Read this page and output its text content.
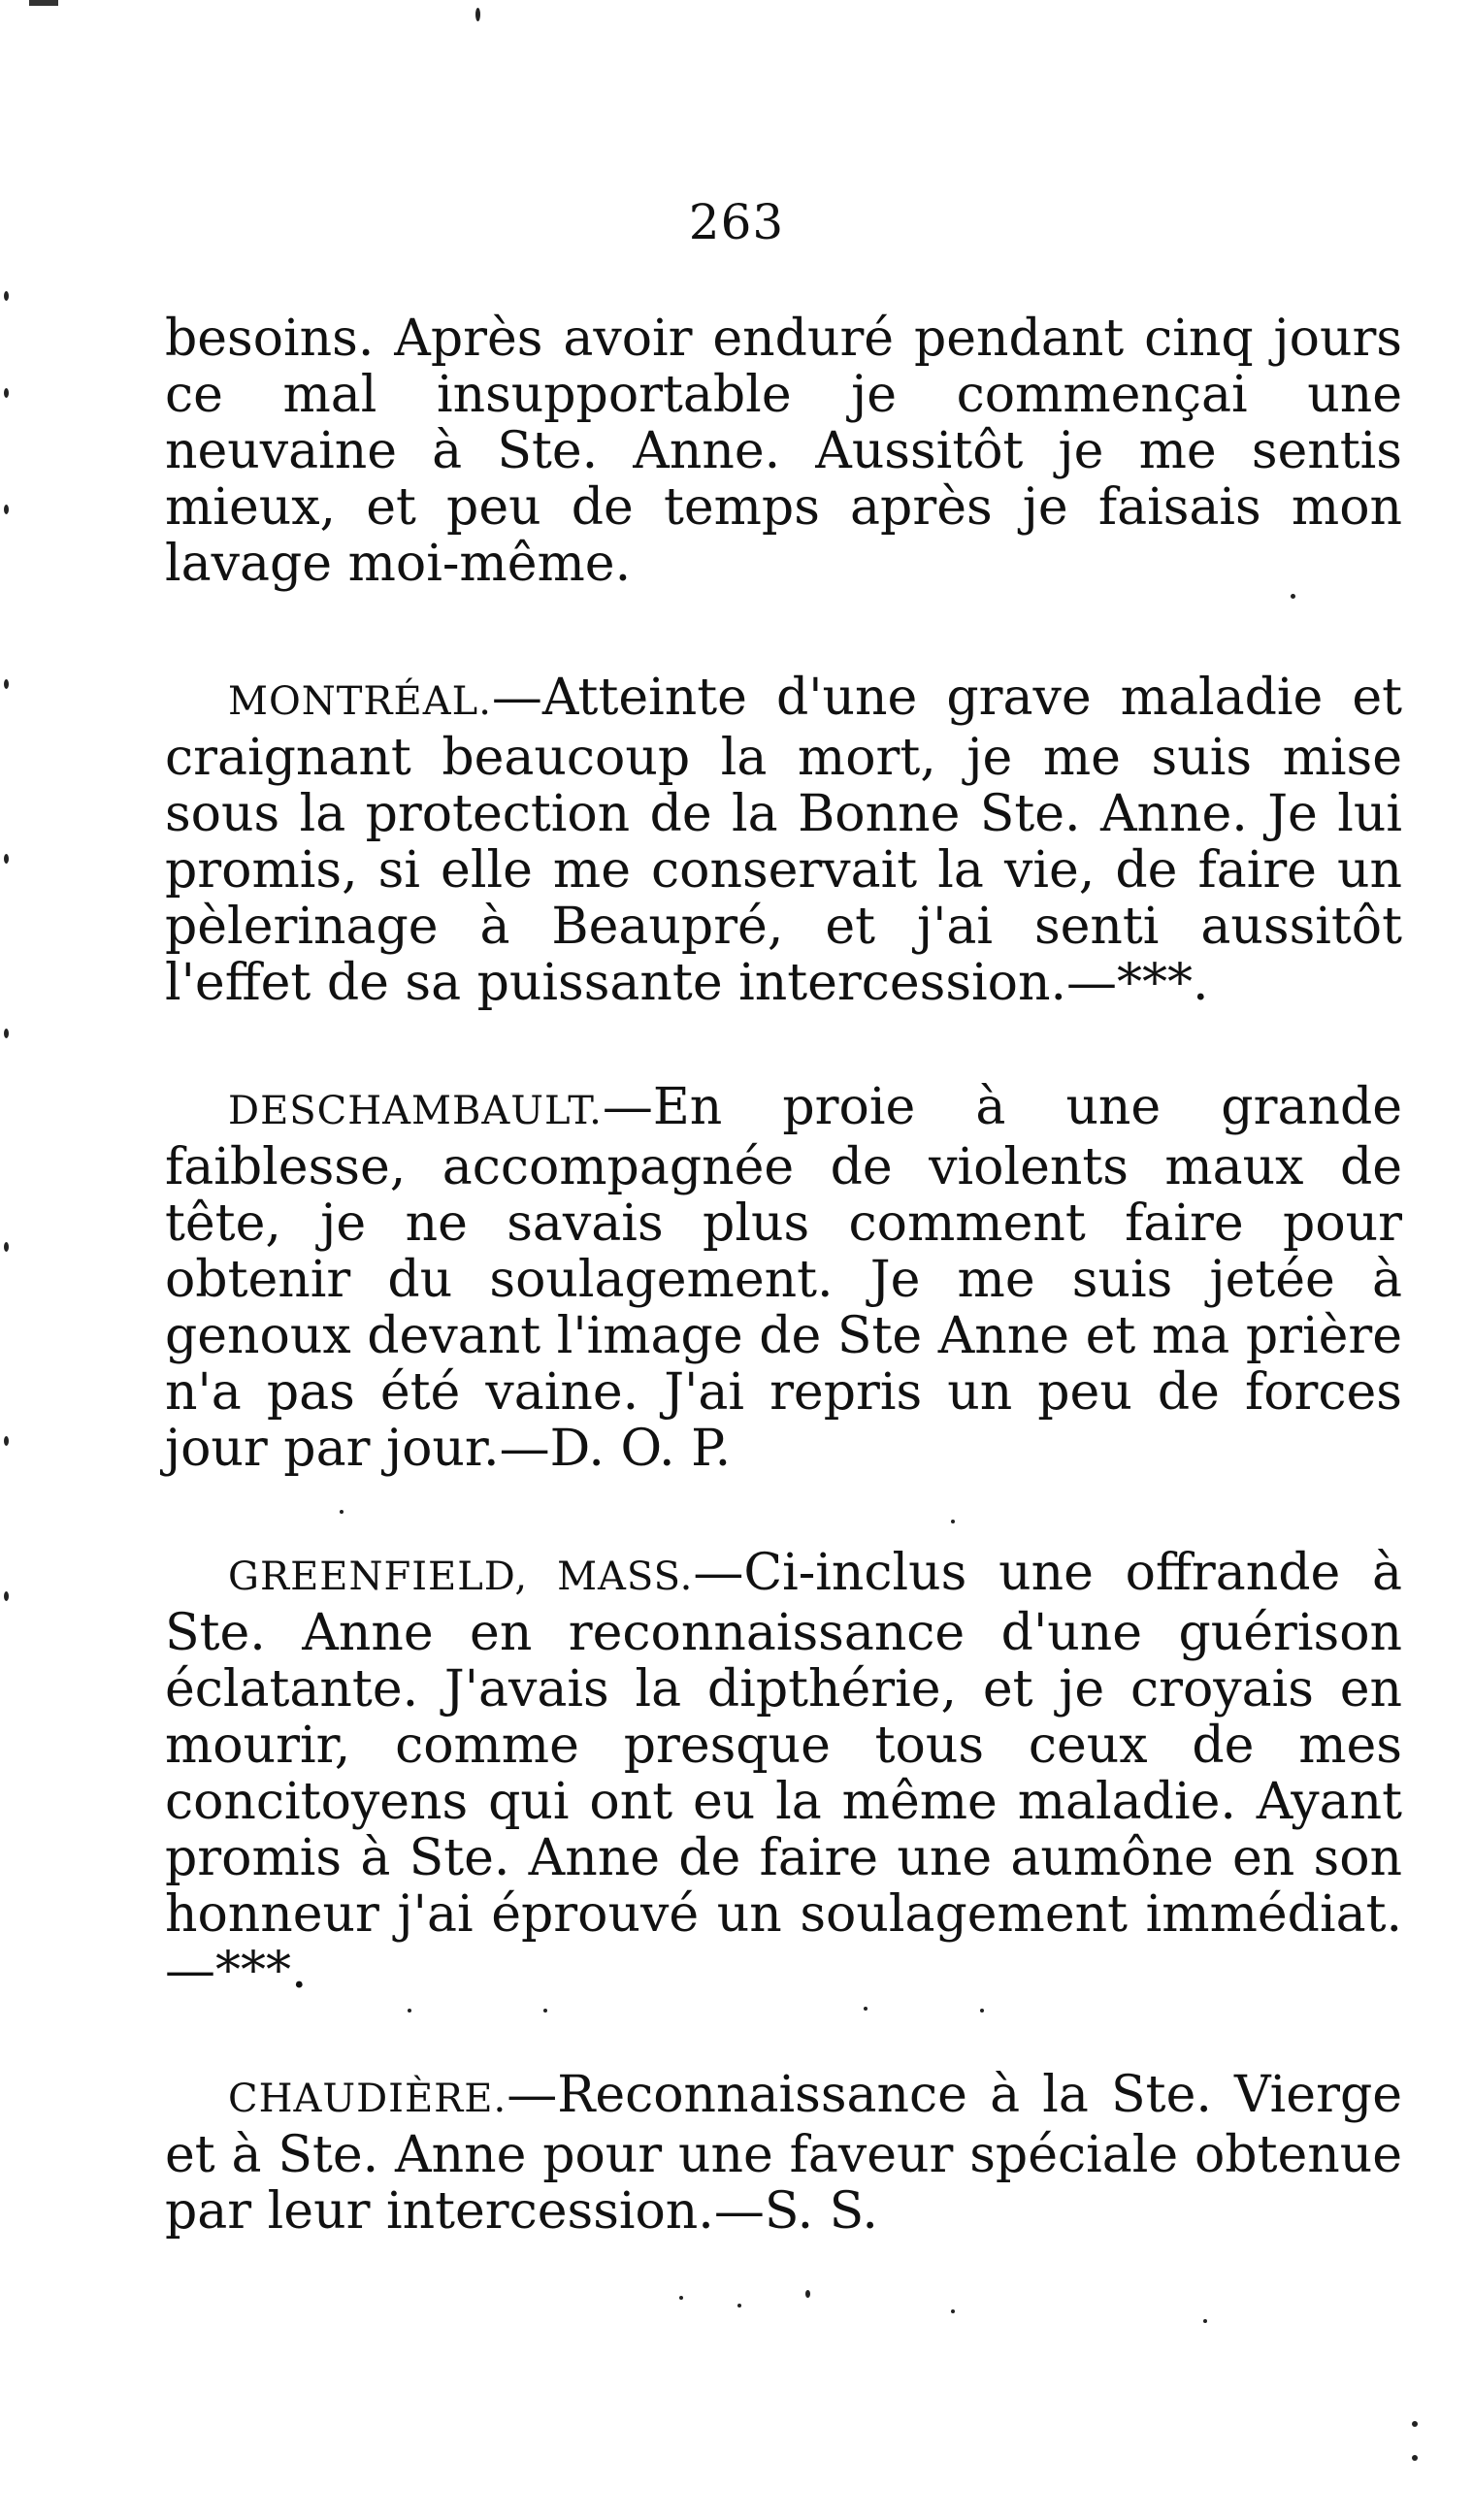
263
besoins. Après avoir enduré pendant cinq jours ce mal insupportable je commençai une neuvaine à Ste. Anne. Aussitôt je me sentis mieux, et peu de temps après je faisais mon lavage moi-même.
MONTRÉAL.—Atteinte d'une grave maladie et craignant beaucoup la mort, je me suis mise sous la protection de la Bonne Ste. Anne. Je lui promis, si elle me conservait la vie, de faire un pèlerinage à Beaupré, et j'ai senti aussitôt l'effet de sa puissante intercession.—***.
DESCHAMBAULT.—En proie à une grande faiblesse, accompagnée de violents maux de tête, je ne savais plus comment faire pour obtenir du soulagement. Je me suis jetée à genoux devant l'image de Ste Anne et ma prière n'a pas été vaine. J'ai repris un peu de forces jour par jour.—D. O. P.
GREENFIELD, MASS.—Ci-inclus une offrande à Ste. Anne en reconnaissance d'une guérison éclatante. J'avais la dipthérie, et je croyais en mourir, comme presque tous ceux de mes concitoyens qui ont eu la même maladie. Ayant promis à Ste. Anne de faire une aumône en son honneur j'ai éprouvé un soulagement immédiat.—***.
CHAUDIÈRE.—Reconnaissance à la Ste. Vierge et à Ste. Anne pour une faveur spéciale obtenue par leur intercession.—S. S.
